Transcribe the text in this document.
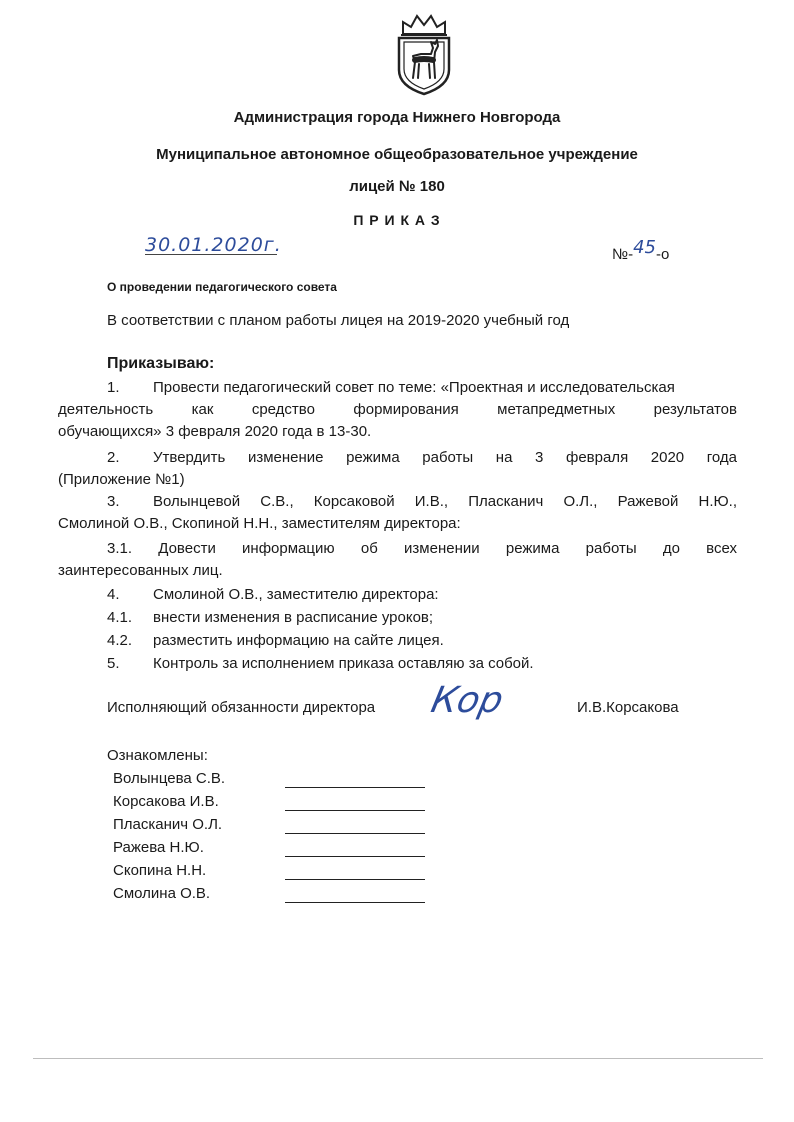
Администрация города Нижнего Новгорода
Муниципальное автономное общеобразовательное учреждение
лицей № 180
П Р И К А З
30.01.2020г.	№-45-о
О проведении педагогического совета
В соответствии с планом работы лицея на 2019-2020 учебный год
Приказываю:
1. Провести педагогический совет по теме: «Проектная и исследовательская
деятельность как средство формирования метапредметных результатов
обучающихся» 3 февраля 2020 года в 13-30.
2. Утвердить изменение режима работы на 3 февраля 2020 года
(Приложение №1)
3. Волынцевой С.В., Корсаковой И.В., Пласканич О.Л., Ражевой Н.Ю.,
Смолиной О.В., Скопиной Н.Н., заместителям директора:
3.1. Довести информацию об изменении режима работы до всех
заинтересованных лиц.
4. Смолиной О.В., заместителю директора:
4.1. внести изменения в расписание уроков;
4.2. разместить информацию на сайте лицея.
5. Контроль за исполнением приказа оставляю за собой.
Исполняющий обязанности директора Кор	И.В.Корсакова
Ознакомлены:
Волынцева С.В.
Корсакова И.В.
Пласканич О.Л.
Ражева Н.Ю.
Скопина Н.Н.
Смолина О.В.
